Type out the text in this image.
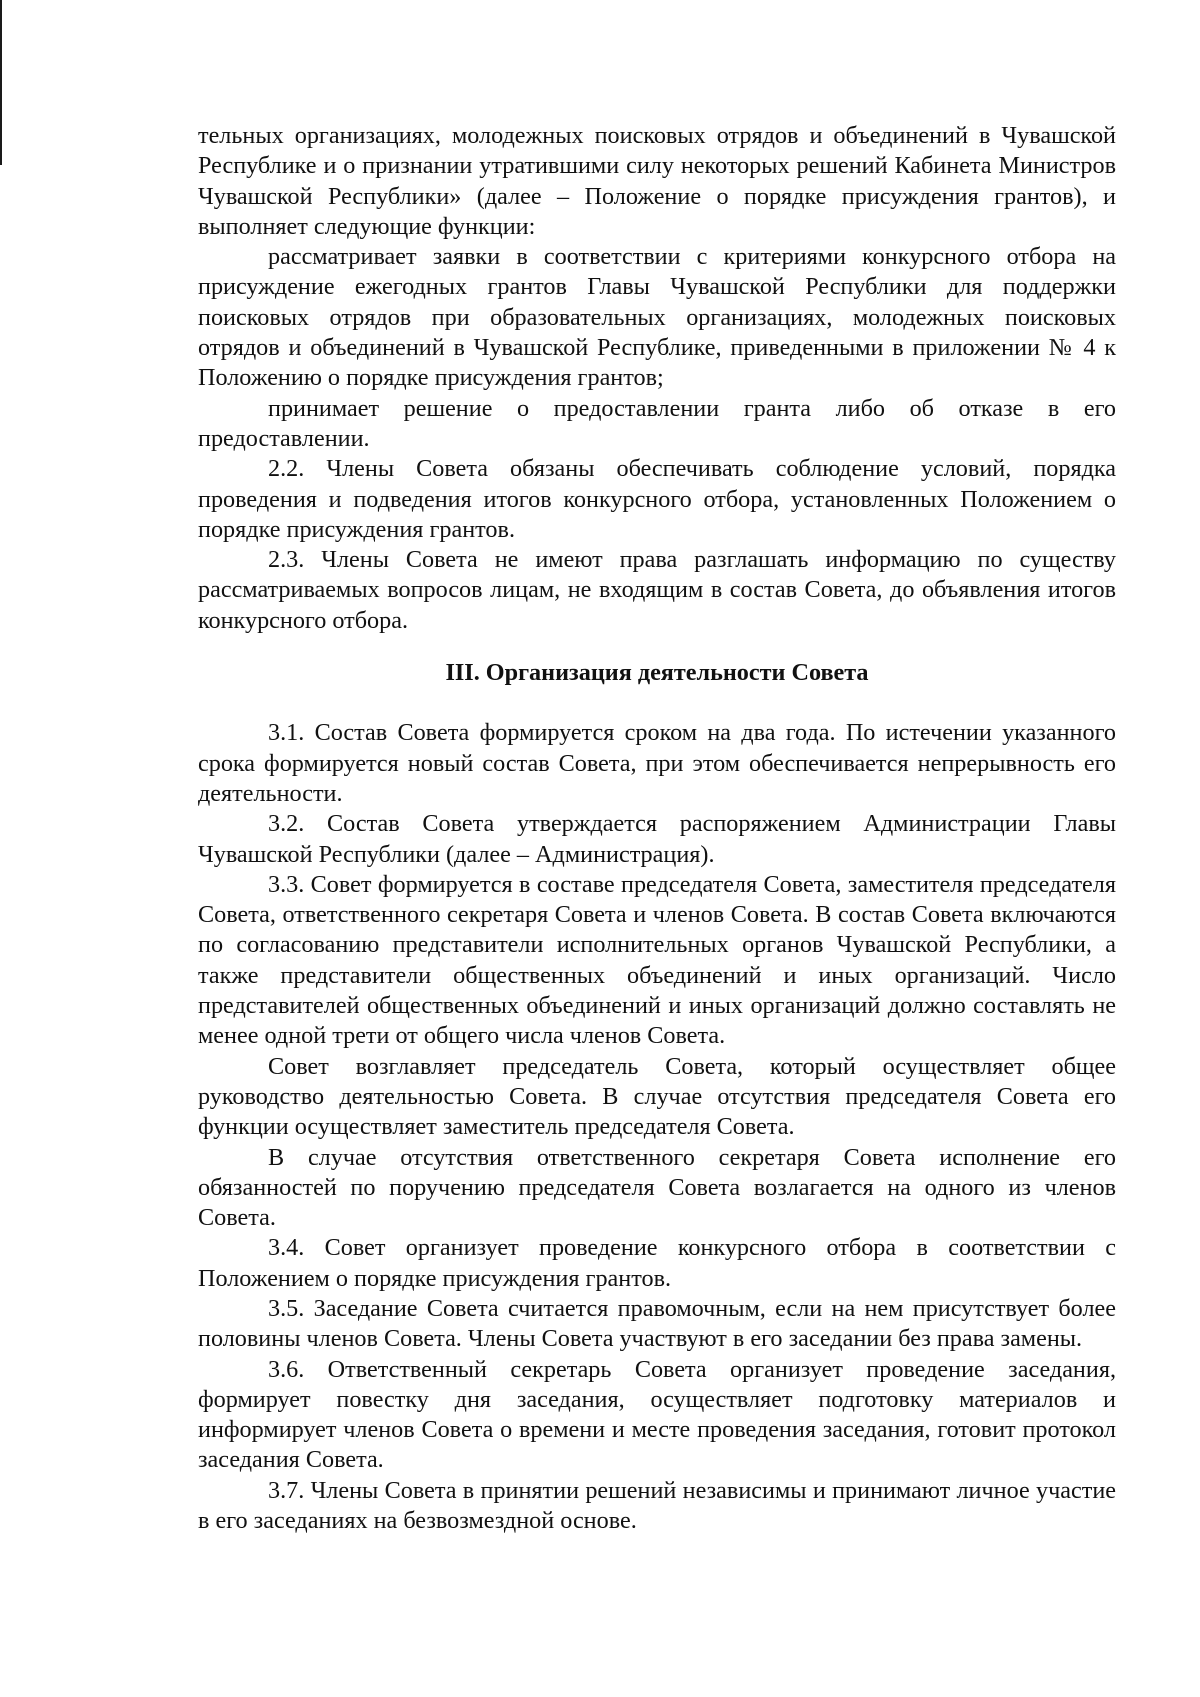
тельных организациях, молодежных поисковых отрядов и объединений в Чувашской Республике и о признании утратившими силу некоторых решений Кабинета Министров Чувашской Республики» (далее – Положение о порядке присуждения грантов), и выполняет следующие функции:

рассматривает заявки в соответствии с критериями конкурсного отбора на присуждение ежегодных грантов Главы Чувашской Республики для поддержки поисковых отрядов при образовательных организациях, молодежных поисковых отрядов и объединений в Чувашской Республике, приведенными в приложении № 4 к Положению о порядке присуждения грантов;

принимает решение о предоставлении гранта либо об отказе в его предоставлении.

2.2. Члены Совета обязаны обеспечивать соблюдение условий, порядка проведения и подведения итогов конкурсного отбора, установленных Положением о порядке присуждения грантов.

2.3. Члены Совета не имеют права разглашать информацию по существу рассматриваемых вопросов лицам, не входящим в состав Совета, до объявления итогов конкурсного отбора.

III. Организация деятельности Совета

3.1. Состав Совета формируется сроком на два года. По истечении указанного срока формируется новый состав Совета, при этом обеспечивается непрерывность его деятельности.

3.2. Состав Совета утверждается распоряжением Администрации Главы Чувашской Республики (далее – Администрация).

3.3. Совет формируется в составе председателя Совета, заместителя председателя Совета, ответственного секретаря Совета и членов Совета. В состав Совета включаются по согласованию представители исполнительных органов Чувашской Республики, а также представители общественных объединений и иных организаций. Число представителей общественных объединений и иных организаций должно составлять не менее одной трети от общего числа членов Совета.

Совет возглавляет председатель Совета, который осуществляет общее руководство деятельностью Совета. В случае отсутствия председателя Совета его функции осуществляет заместитель председателя Совета.

В случае отсутствия ответственного секретаря Совета исполнение его обязанностей по поручению председателя Совета возлагается на одного из членов Совета.

3.4. Совет организует проведение конкурсного отбора в соответствии с Положением о порядке присуждения грантов.

3.5. Заседание Совета считается правомочным, если на нем присутствует более половины членов Совета. Члены Совета участвуют в его заседании без права замены.

3.6. Ответственный секретарь Совета организует проведение заседания, формирует повестку дня заседания, осуществляет подготовку материалов и информирует членов Совета о времени и месте проведения заседания, готовит протокол заседания Совета.

3.7. Члены Совета в принятии решений независимы и принимают личное участие в его заседаниях на безвозмездной основе.
